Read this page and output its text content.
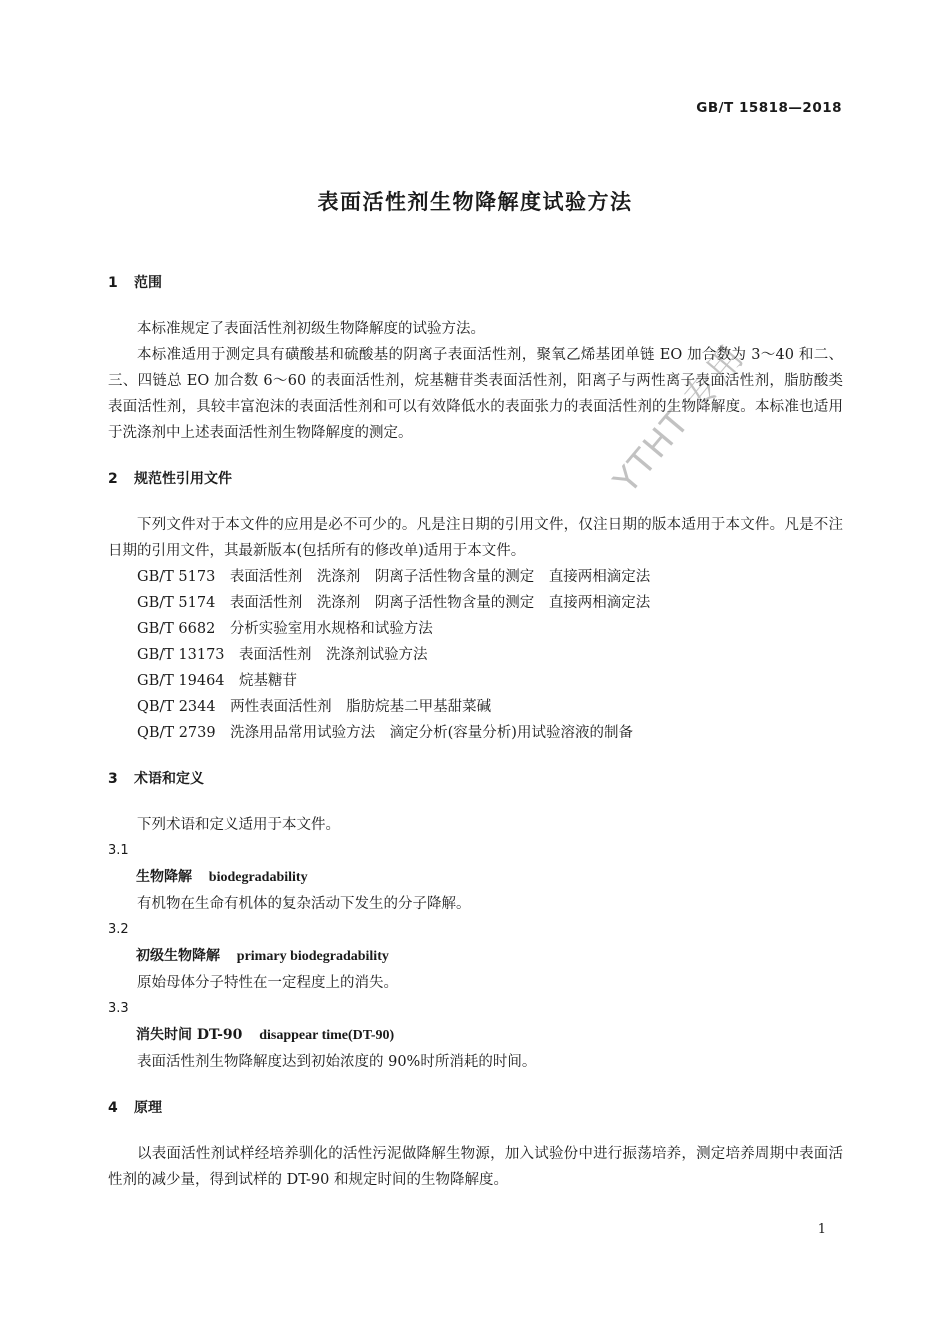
GB/T 15818—2018
表面活性剂生物降解度试验方法
YTHT 专用
1 范围
本标准规定了表面活性剂初级生物降解度的试验方法。
本标准适用于测定具有磺酸基和硫酸基的阴离子表面活性剂，聚氧乙烯基团单链 EO 加合数为 3～40 和二、三、四链总 EO 加合数 6～60 的表面活性剂，烷基糖苷类表面活性剂，阳离子与两性离子表面活性剂，脂肪酸类表面活性剂，具较丰富泡沫的表面活性剂和可以有效降低水的表面张力的表面活性剂的生物降解度。本标准也适用于洗涤剂中上述表面活性剂生物降解度的测定。
2 规范性引用文件
下列文件对于本文件的应用是必不可少的。凡是注日期的引用文件，仅注日期的版本适用于本文件。凡是不注日期的引用文件，其最新版本(包括所有的修改单)适用于本文件。
GB/T 5173 表面活性剂 洗涤剂 阴离子活性物含量的测定 直接两相滴定法
GB/T 5174 表面活性剂 洗涤剂 阴离子活性物含量的测定 直接两相滴定法
GB/T 6682 分析实验室用水规格和试验方法
GB/T 13173 表面活性剂 洗涤剂试验方法
GB/T 19464 烷基糖苷
QB/T 2344 两性表面活性剂 脂肪烷基二甲基甜菜碱
QB/T 2739 洗涤用品常用试验方法 滴定分析(容量分析)用试验溶液的制备
3 术语和定义
下列术语和定义适用于本文件。
3.1
生物降解 biodegradability
有机物在生命有机体的复杂活动下发生的分子降解。
3.2
初级生物降解 primary biodegradability
原始母体分子特性在一定程度上的消失。
3.3
消失时间 DT-90 disappear time(DT-90)
表面活性剂生物降解度达到初始浓度的 90%时所消耗的时间。
4 原理
以表面活性剂试样经培养驯化的活性污泥做降解生物源，加入试验份中进行振荡培养，测定培养周期中表面活性剂的减少量，得到试样的 DT-90 和规定时间的生物降解度。
1
